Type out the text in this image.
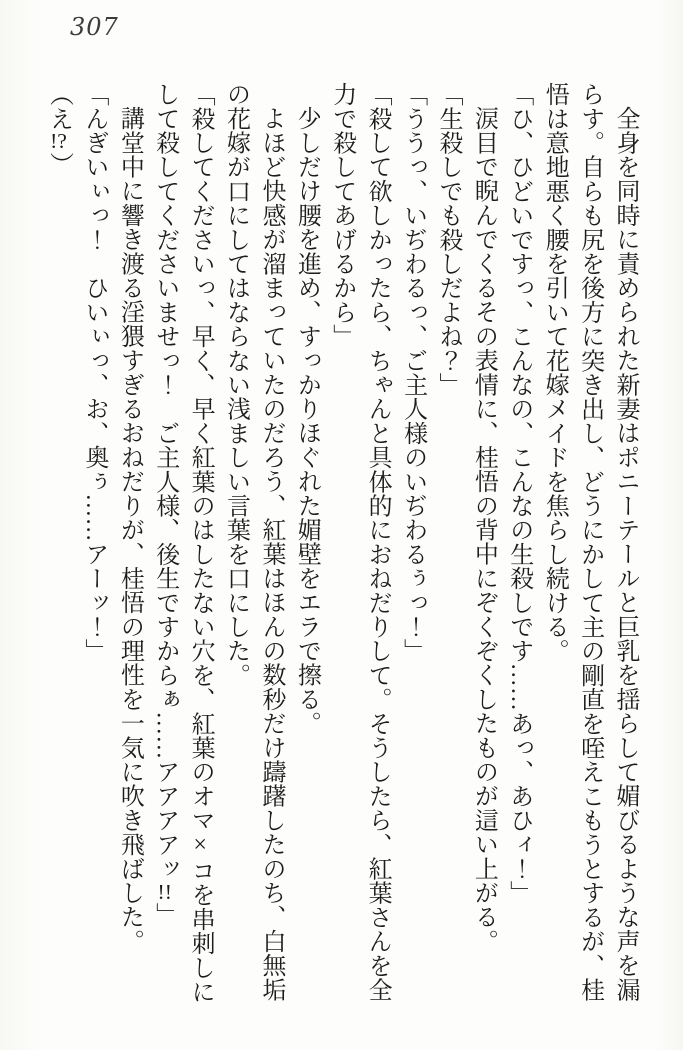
307

全身を同時に責められた新妻はポニーテールと巨乳を揺らして媚びるような声を漏らす。自らも尻を後方に突き出し、どうにかして主の剛直を咥えこもうとするが、桂悟は意地悪く腰を引いて花嫁メイドを焦らし続ける。

「ひ、ひどいですっ、こんなの、こんなの生殺しです……あっ、あひィ！」

涙目で睨んでくるその表情に、桂悟の背中にぞくぞくしたものが這い上がる。

「生殺しでも殺しだよね？」

「ううっ、いぢわるっ、ご主人様のいぢわるぅっ！」

「殺して欲しかったら、ちゃんと具体的におねだりして。そうしたら、紅葉さんを全力で殺してあげるから」

少しだけ腰を進め、すっかりほぐれた媚壁をエラで擦る。

よほど快感が溜まっていたのだろう、紅葉はほんの数秒だけ躊躇したのち、白無垢の花嫁が口にしてはならない浅ましい言葉を口にした。

「殺してくださいっ、早く、早く紅葉のはしたない穴を、紅葉のオマ×コを串刺しにして殺してくださいませっ！　ご主人様、後生ですからぁ……アアアアッ!!」

講堂中に響き渡る淫猥すぎるおねだりが、桂悟の理性を一気に吹き飛ばした。

「んぎいぃっ！　ひいぃっ、お、奥ぅ……アーッ！」

（え!?）
